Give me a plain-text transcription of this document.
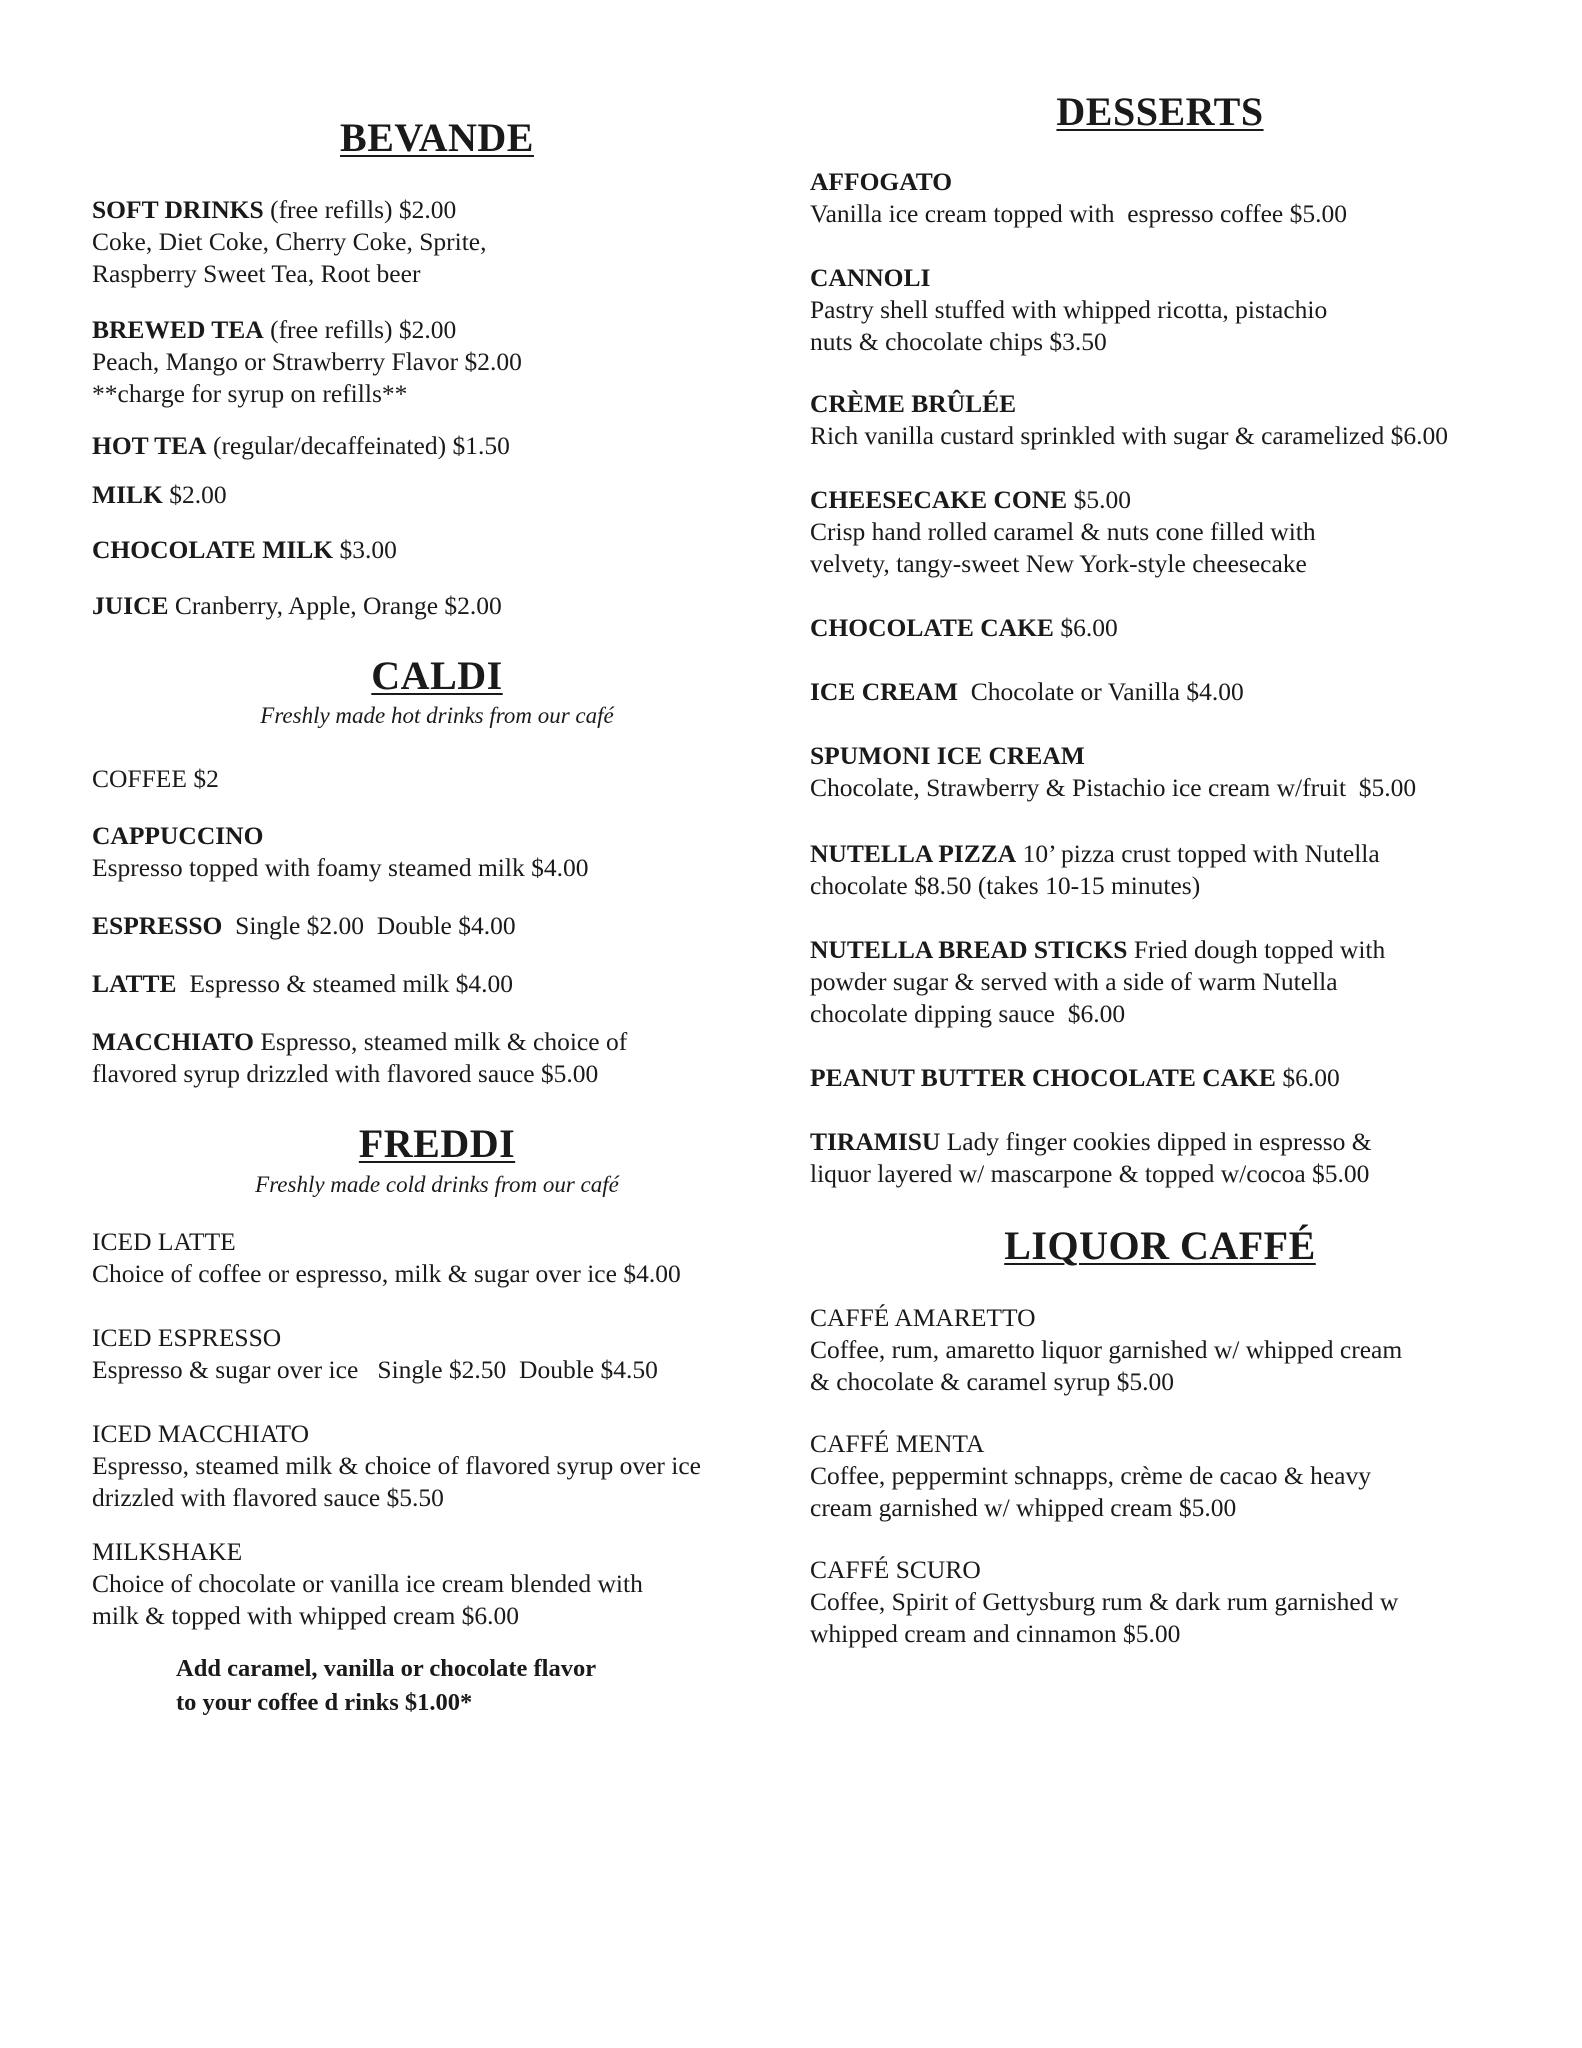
BEVANDE
SOFT DRINKS (free refills) $2.00
Coke, Diet Coke, Cherry Coke, Sprite,
Raspberry Sweet Tea, Root beer
BREWED TEA (free refills) $2.00
Peach, Mango or Strawberry Flavor $2.00
**charge for syrup on refills**
HOT TEA (regular/decaffeinated) $1.50
MILK $2.00
CHOCOLATE MILK $3.00
JUICE Cranberry, Apple, Orange $2.00
CALDI

Freshly made hot drinks from our café

COFFEE $2
CAPPUCCINO
Espresso topped with foamy steamed milk $4.00
ESPRESSO  Single $2.00  Double $4.00
LATTE  Espresso & steamed milk $4.00
MACCHIATO Espresso, steamed milk & choice of
flavored syrup drizzled with flavored sauce $5.00
FREDDI

Freshly made cold drinks from our café

ICED LATTE
Choice of coffee or espresso, milk & sugar over ice $4.00
ICED ESPRESSO
Espresso & sugar over ice   Single $2.50  Double $4.50
ICED MACCHIATO
Espresso, steamed milk & choice of flavored syrup over ice
drizzled with flavored sauce $5.50
MILKSHAKE
Choice of chocolate or vanilla ice cream blended with
milk & topped with whipped cream $6.00
Add caramel, vanilla or chocolate flavor
to your coffee d rinks $1.00*
DESSERTS
AFFOGATO
Vanilla ice cream topped with  espresso coffee $5.00
CANNOLI
Pastry shell stuffed with whipped ricotta, pistachio
nuts & chocolate chips $3.50
CRÈME BRÛLÉE
Rich vanilla custard sprinkled with sugar & caramelized $6.00
CHEESECAKE CONE $5.00
Crisp hand rolled caramel & nuts cone filled with
velvety, tangy-sweet New York-style cheesecake
CHOCOLATE CAKE $6.00
ICE CREAM  Chocolate or Vanilla $4.00
SPUMONI ICE CREAM
Chocolate, Strawberry & Pistachio ice cream w/fruit  $5.00
NUTELLA PIZZA 10’ pizza crust topped with Nutella
chocolate $8.50 (takes 10-15 minutes)
NUTELLA BREAD STICKS Fried dough topped with
powder sugar & served with a side of warm Nutella
chocolate dipping sauce  $6.00
PEANUT BUTTER CHOCOLATE CAKE $6.00
TIRAMISU Lady finger cookies dipped in espresso &
liquor layered w/ mascarpone & topped w/cocoa $5.00
LIQUOR CAFFÉ
CAFFÉ AMARETTO
Coffee, rum, amaretto liquor garnished w/ whipped cream
& chocolate & caramel syrup $5.00
CAFFÉ MENTA
Coffee, peppermint schnapps, crème de cacao & heavy
cream garnished w/ whipped cream $5.00
CAFFÉ SCURO
Coffee, Spirit of Gettysburg rum & dark rum garnished w
whipped cream and cinnamon $5.00
